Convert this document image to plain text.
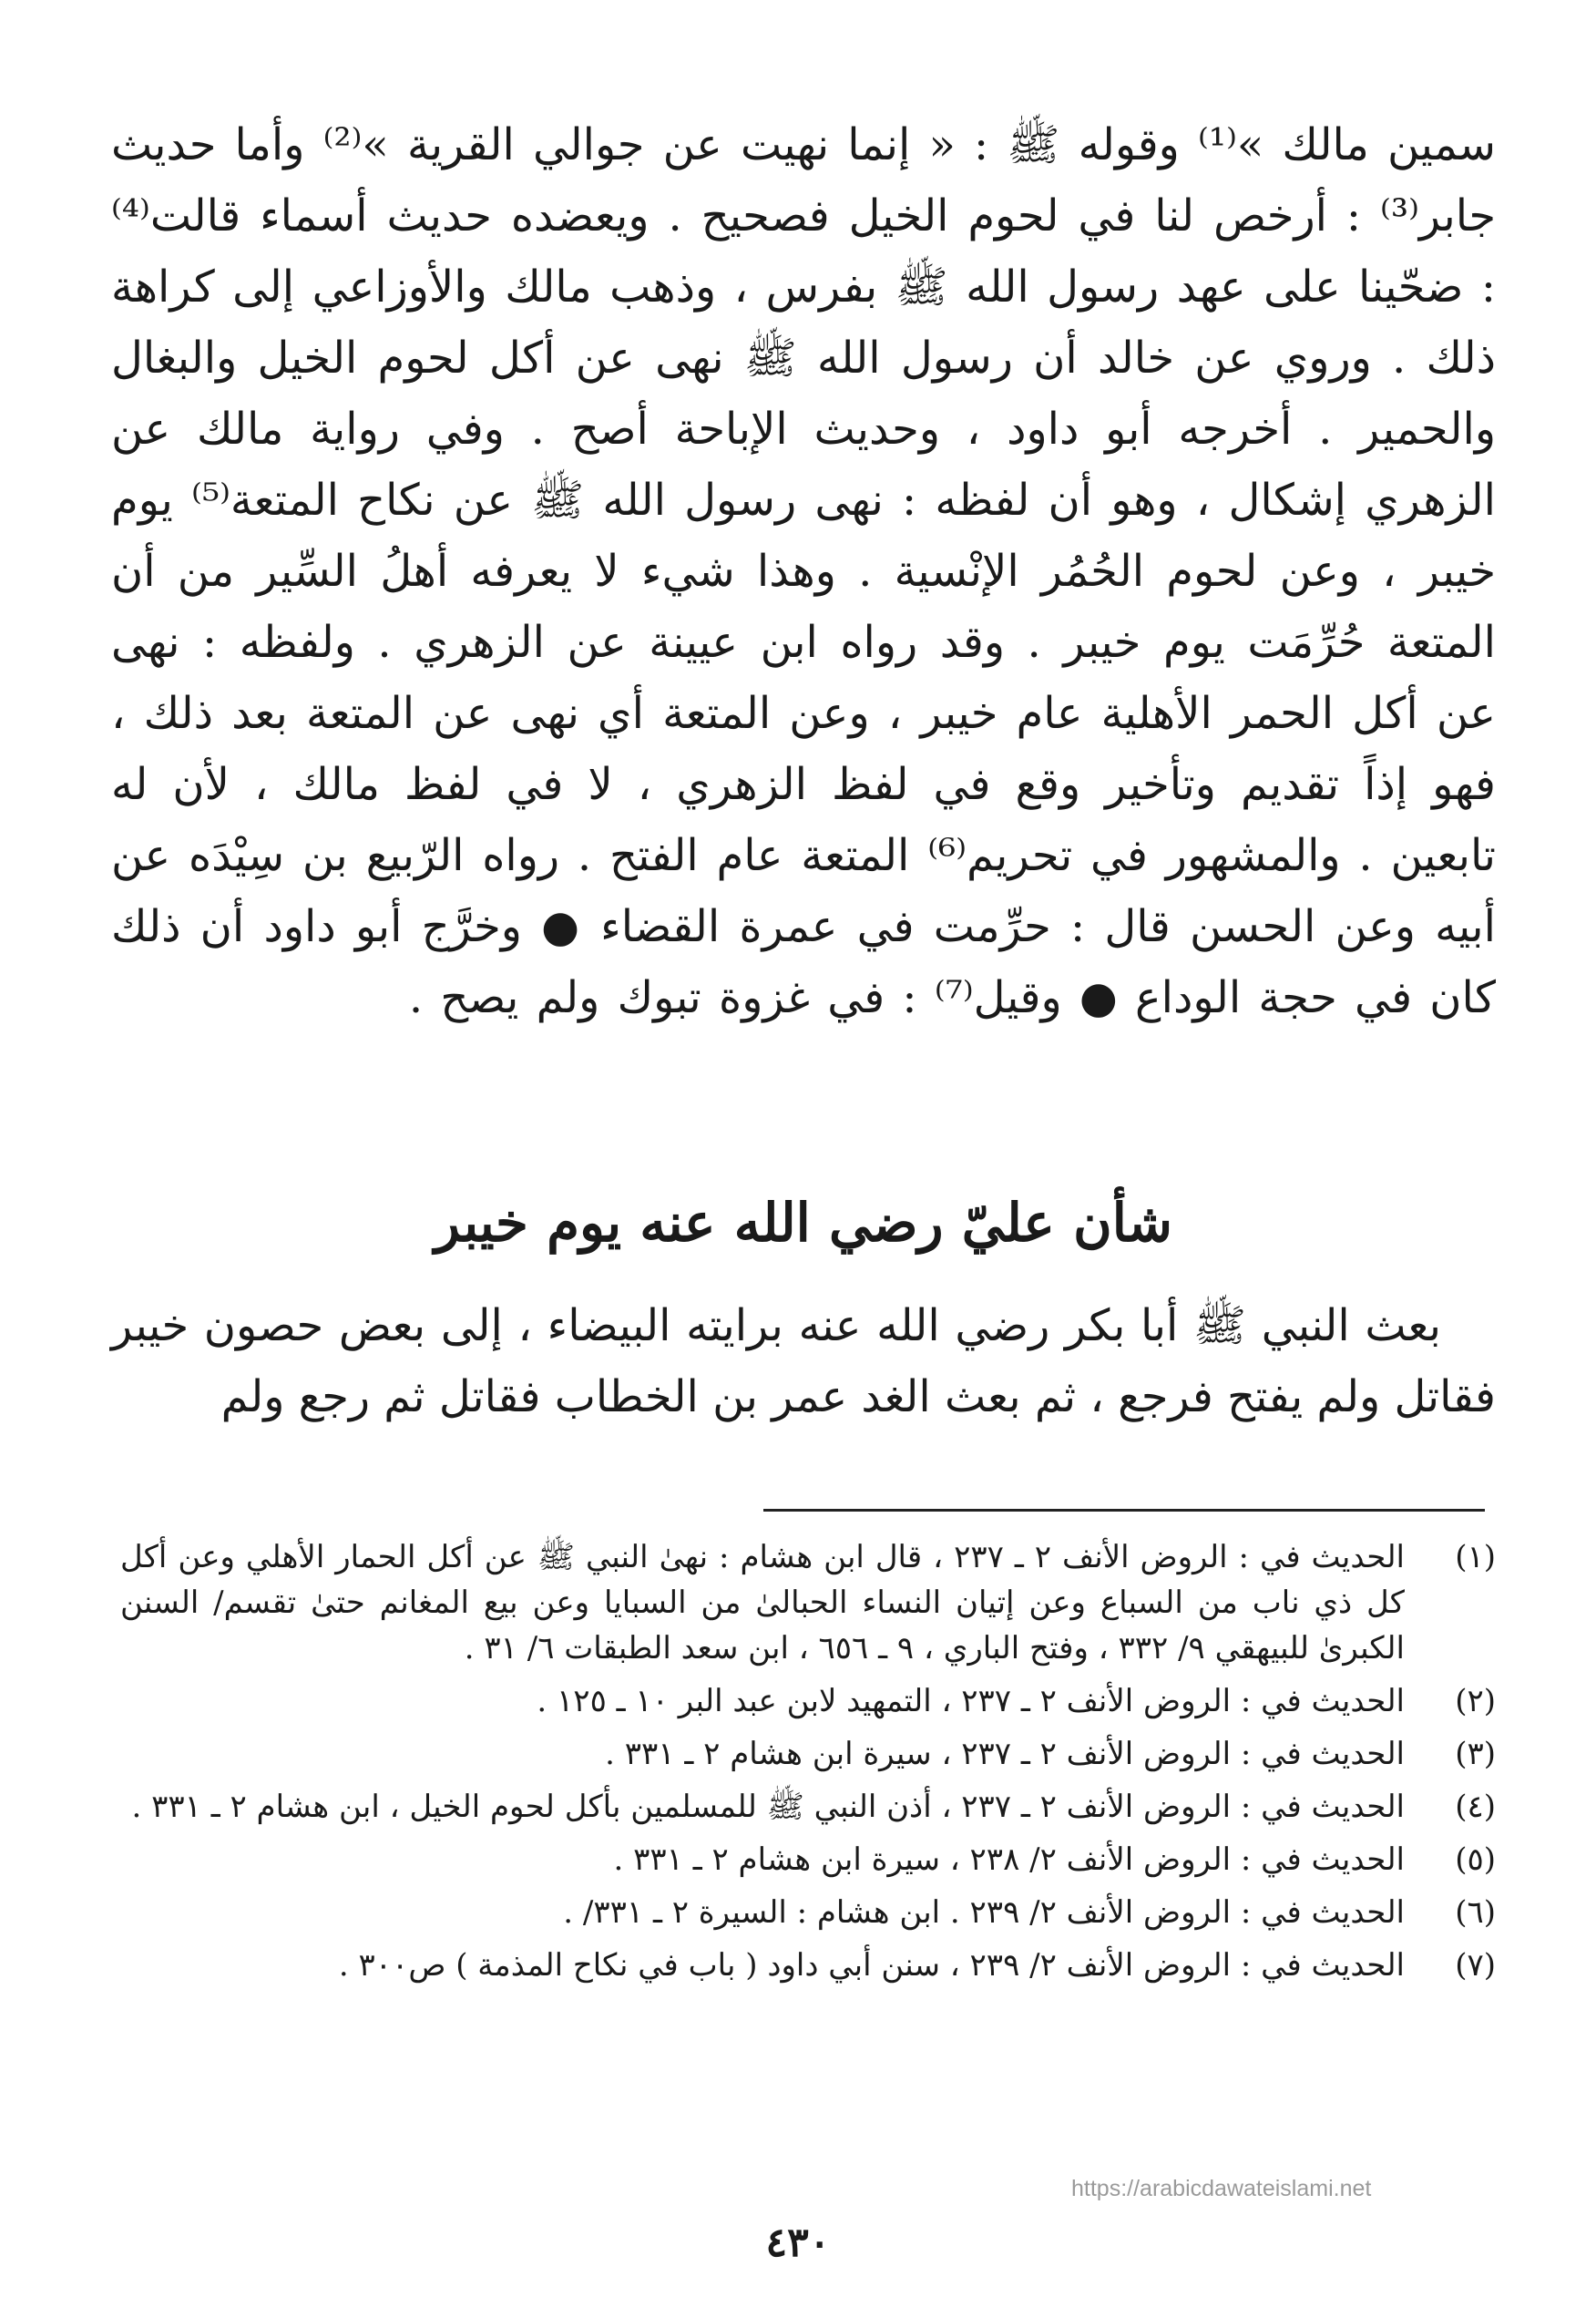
سمين مالك »⁽¹⁾ وقوله ﷺ : « إنما نهيت عن جوالي القرية »⁽²⁾ وأما حديث جابر⁽³⁾ : أرخص لنا في لحوم الخيل فصحيح . ويعضده حديث أسماء قالت⁽⁴⁾ : ضحّينا على عهد رسول الله ﷺ بفرس ، وذهب مالك والأوزاعي إلى كراهة ذلك . وروي عن خالد أن رسول الله ﷺ نهى عن أكل لحوم الخيل والبغال والحمير . أخرجه أبو داود ، وحديث الإباحة أصح . وفي رواية مالك عن الزهري إشكال ، وهو أن لفظه : نهى رسول الله ﷺ عن نكاح المتعة⁽⁵⁾ يوم خيبر ، وعن لحوم الحُمُر الإنْسية . وهذا شيء لا يعرفه أهلُ السِّير من أن المتعة حُرِّمَت يوم خيبر . وقد رواه ابن عيينة عن الزهري . ولفظه : نهى عن أكل الحمر الأهلية عام خيبر ، وعن المتعة أي نهى عن المتعة بعد ذلك ، فهو إذاً تقديم وتأخير وقع في لفظ الزهري ، لا في لفظ مالك ، لأن له تابعين . والمشهور في تحريم⁽⁶⁾ المتعة عام الفتح . رواه الرّبيع بن سِيْدَه عن أبيه وعن الحسن قال : حرِّمت في عمرة القضاء ● وخرَّج أبو داود أن ذلك كان في حجة الوداع ● وقيل⁽⁷⁾ : في غزوة تبوك ولم يصح .

شأن عليّ رضي الله عنه يوم خيبر

بعث النبي ﷺ أبا بكر رضي الله عنه برايته البيضاء ، إلى بعض حصون خيبر فقاتل ولم يفتح فرجع ، ثم بعث الغد عمر بن الخطاب فقاتل ثم رجع ولم

(١)
الحديث في : الروض الأنف ٢ ـ ٢٣٧ ، قال ابن هشام : نهىٰ النبي ﷺ عن أكل الحمار الأهلي وعن أكل كل ذي ناب من السباع وعن إتيان النساء الحبالىٰ من السبايا وعن بيع المغانم حتىٰ تقسم/ السنن الكبرىٰ للبيهقي ٩/ ٣٣٢ ، وفتح الباري ، ٩ ـ ٦٥٦ ، ابن سعد الطبقات ٦/ ٣١ .
(٢)
الحديث في : الروض الأنف ٢ ـ ٢٣٧ ، التمهيد لابن عبد البر ١٠ ـ ١٢٥ .
(٣)
الحديث في : الروض الأنف ٢ ـ ٢٣٧ ، سيرة ابن هشام ٢ ـ ٣٣١ .
(٤)
الحديث في : الروض الأنف ٢ ـ ٢٣٧ ، أذن النبي ﷺ للمسلمين بأكل لحوم الخيل ، ابن هشام ٢ ـ ٣٣١ .
(٥)
الحديث في : الروض الأنف ٢/ ٢٣٨ ، سيرة ابن هشام ٢ ـ ٣٣١ .
(٦)
الحديث في : الروض الأنف ٢/ ٢٣٩ . ابن هشام : السيرة ٢ ـ ٣٣١/ .
(٧)
الحديث في : الروض الأنف ٢/ ٢٣٩ ، سنن أبي داود ( باب في نكاح المذمة ) ص٣٠٠ .
https://arabicdawateislami.net
٤٣٠
